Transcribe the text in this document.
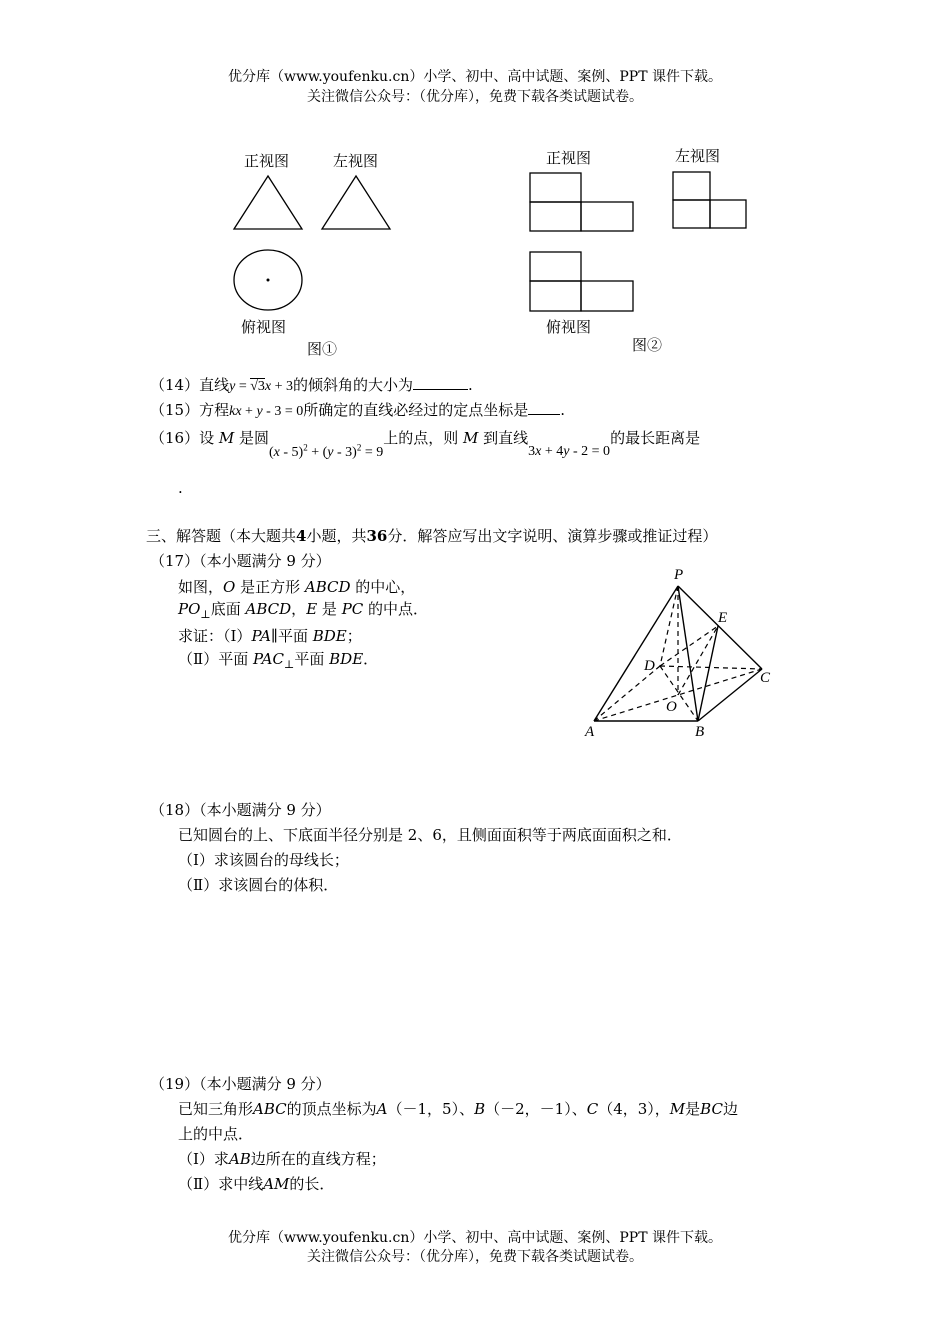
优分库（www.youfenku.cn）小学、初中、高中试题、案例、PPT 课件下载。
关注微信公众号：（优分库），免费下载各类试题试卷。
正视图	左视图
俯视图
图①
正视图	左视图
俯视图
图②
（14）直线y = √3x + 3的倾斜角的大小为	.
（15）方程kx + y - 3 = 0所确定的直线必经过的定点坐标是 .
（16）设 M 是圆(x - 5)$^2$ + (y - 3)$^2$ = 9上的点，则 M 到直线3x + 4y - 2 = 0的最长距离是
.
三、解答题（本大题共4小题，共36分．解答应写出文字说明、演算步骤或推证过程）
（17）（本小题满分 9 分）
如图，O 是正方形 ABCD 的中心，
$PO_\perp$底面 ABCD，E 是 PC 的中点．
求证：（Ⅰ）PA∥平面 BDE；
（Ⅱ）平面 $PAC_\perp$平面 BDE．
P
E
D
C
O
A	B
（18）（本小题满分 9 分）
已知圆台的上、下底面半径分别是 2、6，且侧面面积等于两底面面积之和．
（Ⅰ）求该圆台的母线长；
（Ⅱ）求该圆台的体积．
（19）（本小题满分 9 分）
已知三角形ABC的顶点坐标为A（－1，5）、B（－2，－1）、C（4，3），M是BC边
上的中点．
（Ⅰ）求AB边所在的直线方程；
（Ⅱ）求中线AM的长．
优分库（www.youfenku.cn）小学、初中、高中试题、案例、PPT 课件下载。
关注微信公众号：（优分库），免费下载各类试题试卷。
